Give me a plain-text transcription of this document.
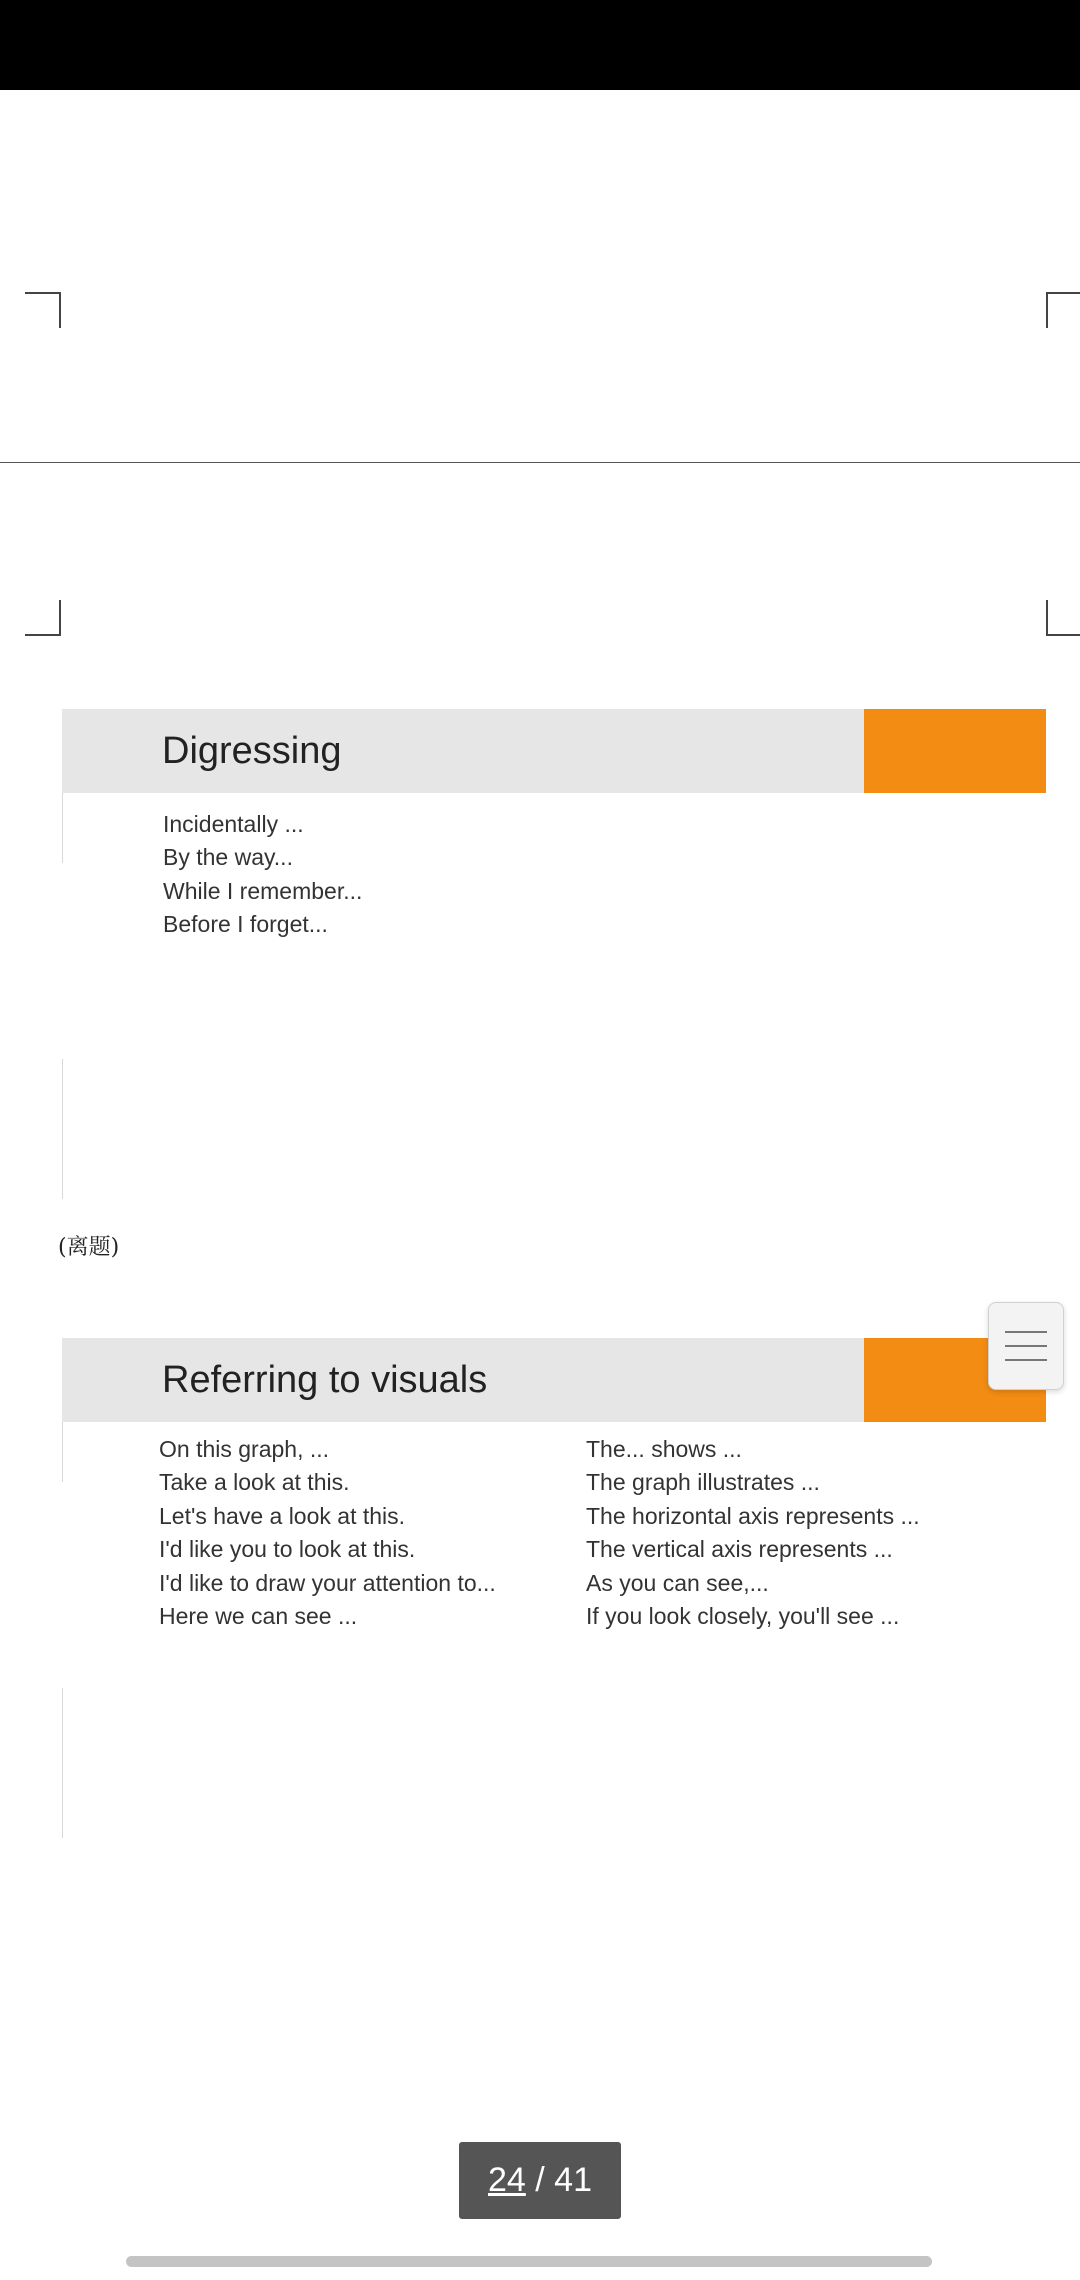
Digressing
Incidentally ...
By the way...
While I remember...
Before I forget...
(离题)
Referring to visuals
On this graph, ...
Take a look at this.
Let's have a look at this.
I'd like you to look at this.
I'd like to draw your attention to...
Here we can see ...
The... shows ...
The graph illustrates ...
The horizontal axis represents ...
The vertical axis represents ...
As you can see,...
If you look closely, you'll see ...
24 / 41
